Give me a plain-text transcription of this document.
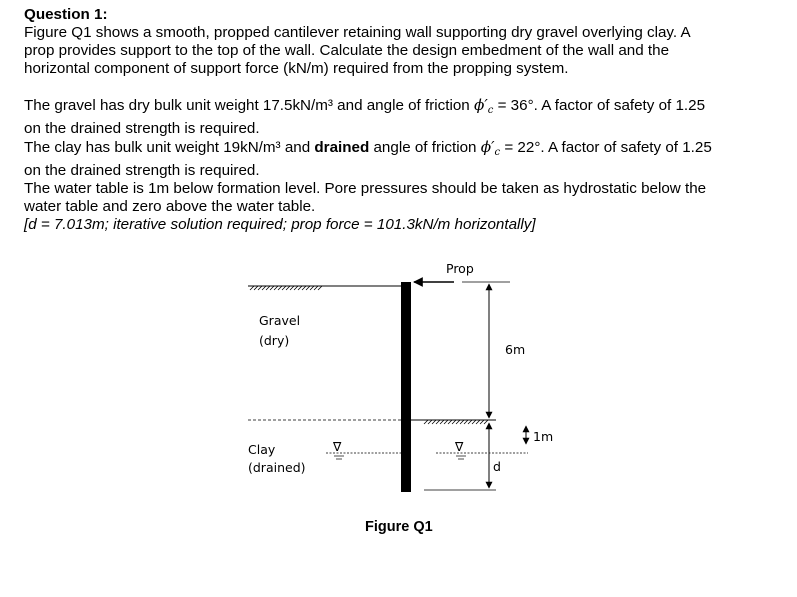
Question 1:

Figure Q1 shows a smooth, propped cantilever retaining wall supporting dry gravel overlying clay. A

prop provides support to the top of the wall. Calculate the design embedment of the wall and the

horizontal component of support force (kN/m) required from the propping system.

The gravel has dry bulk unit weight 17.5kN/m³ and angle of friction $\phi'_c = 36^\circ$. A factor of safety of 1.25

on the drained strength is required.

The clay has bulk unit weight 19kN/m³ and drained angle of friction $\phi'_c = 22^\circ$. A factor of safety of 1.25

on the drained strength is required.

The water table is 1m below formation level. Pore pressures should be taken as hydrostatic below the

water table and zero above the water table.

[d = 7.013m; iterative solution required; prop force = 101.3kN/m horizontally]

Prop
Gravel
(dry)
6m
1m
∇	∇
Clay
(drained)	d
Figure Q1
